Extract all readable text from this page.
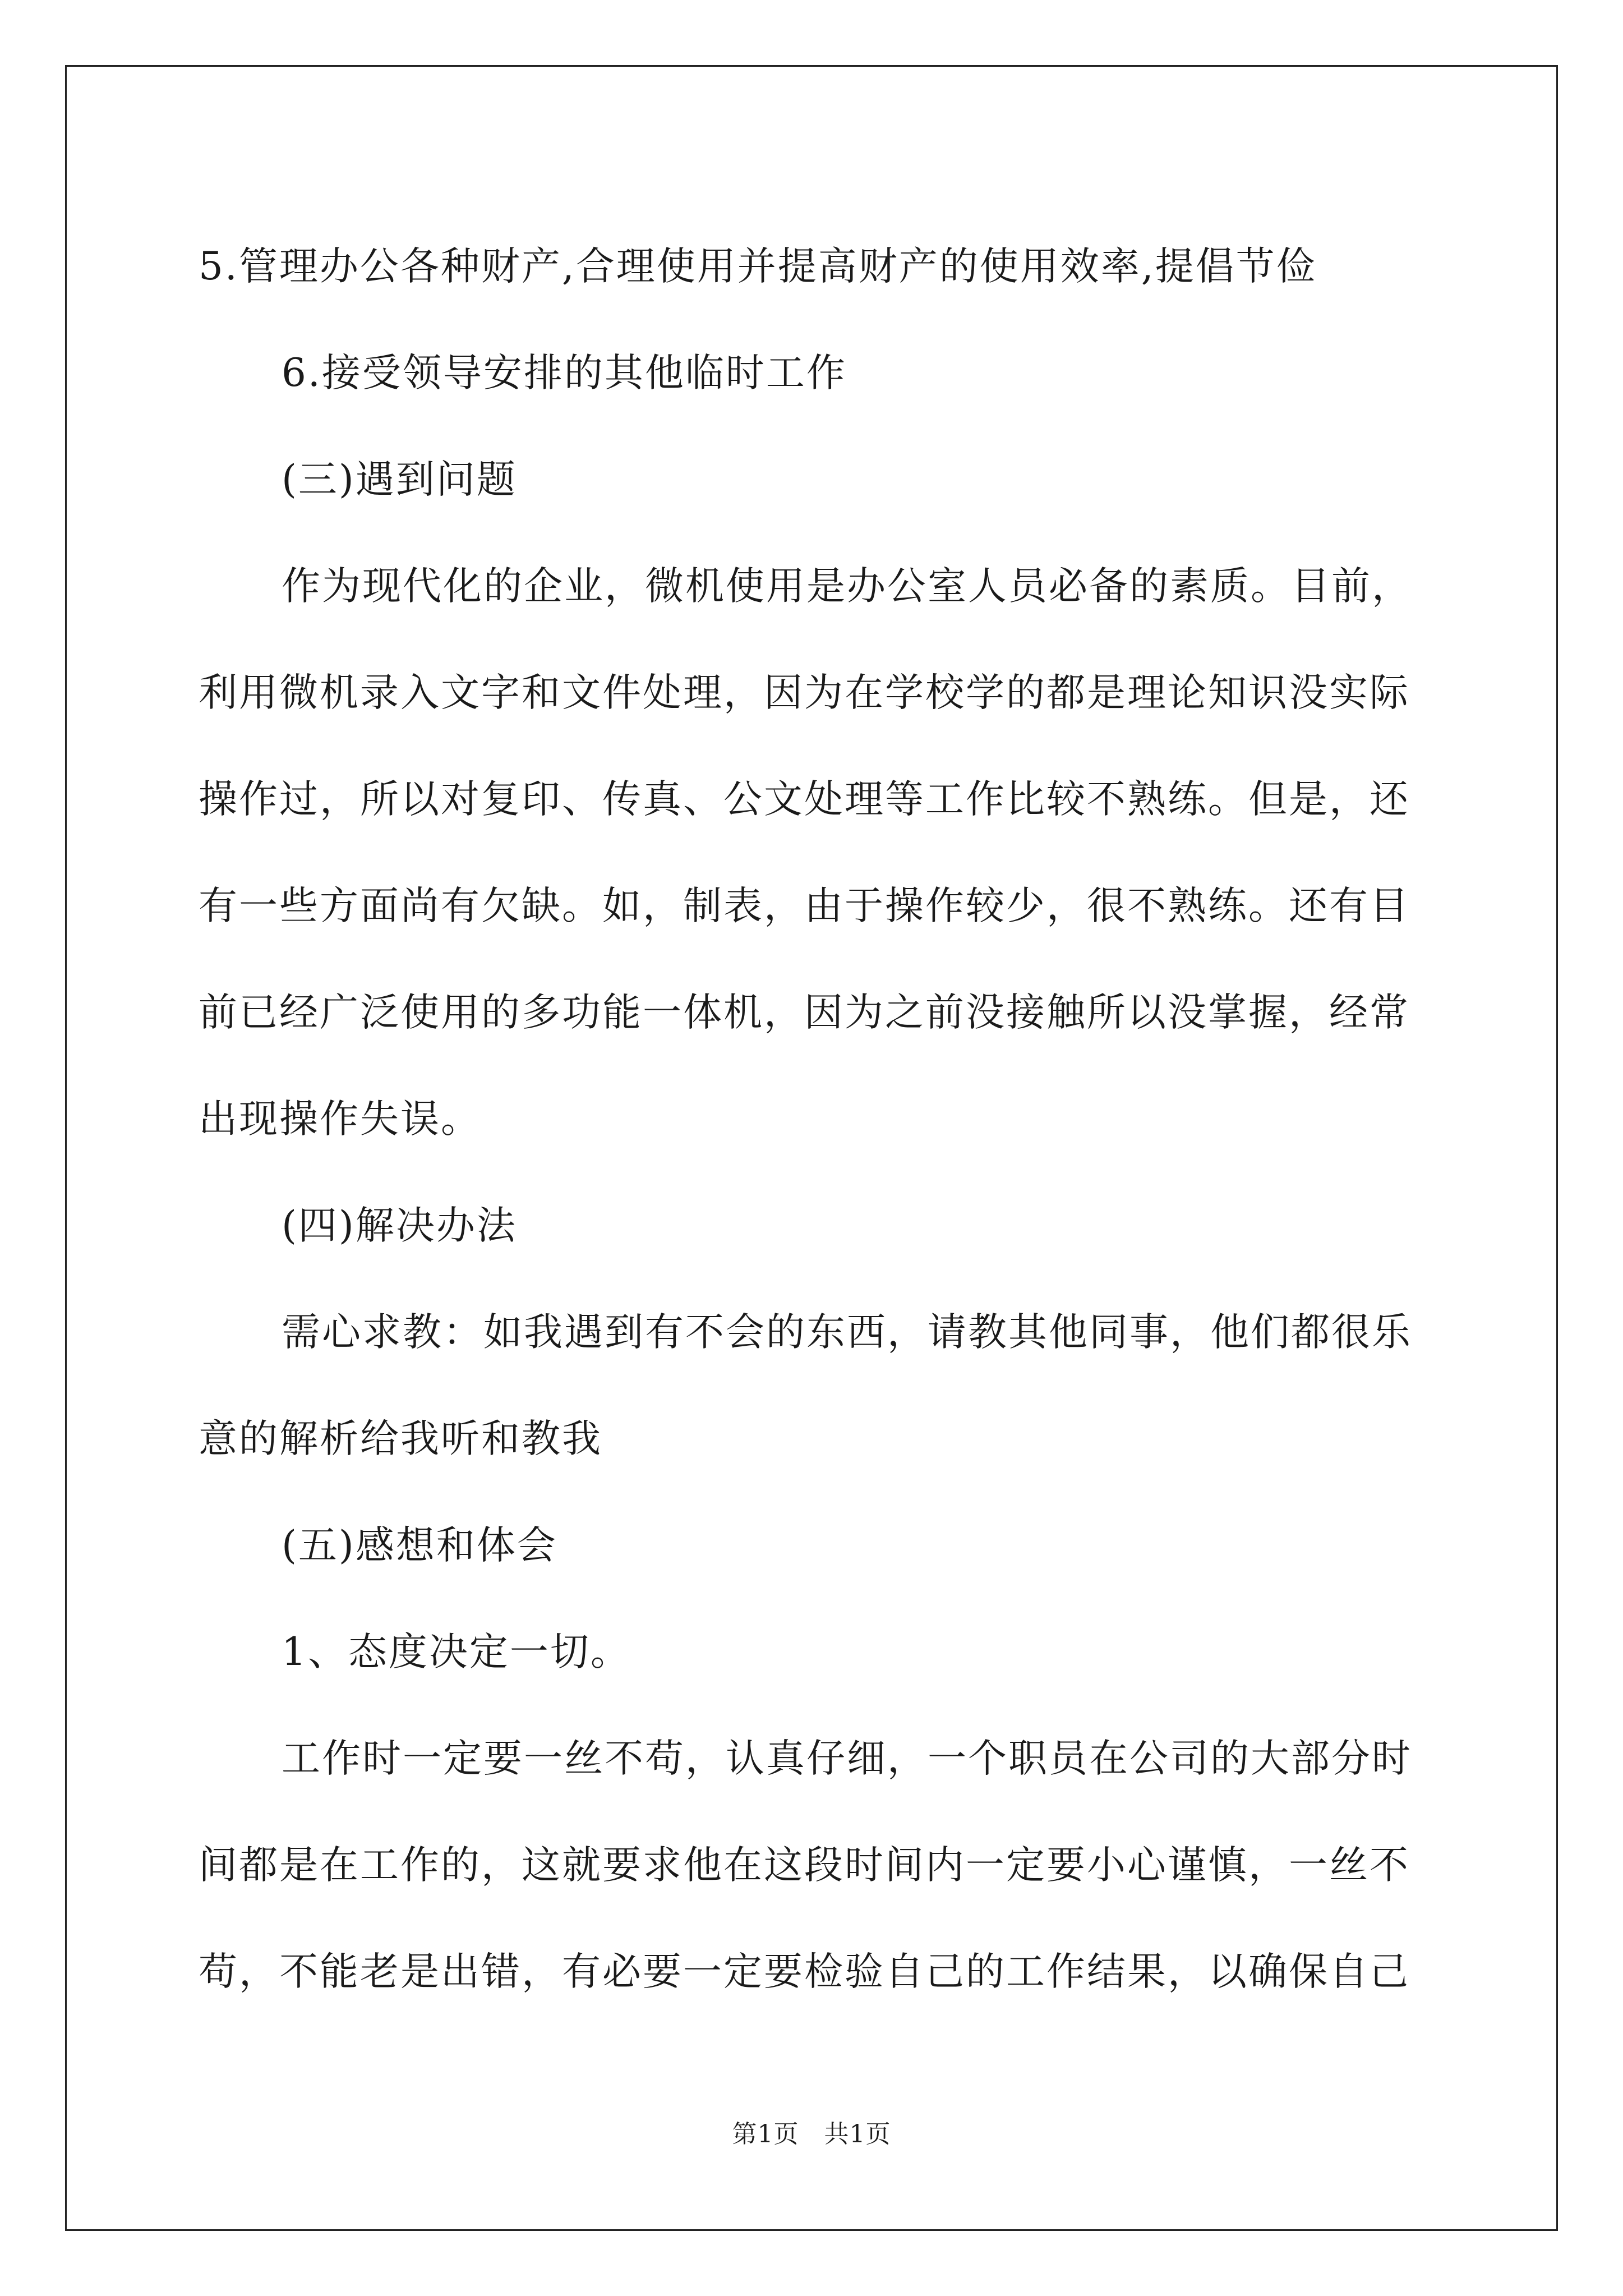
5.管理办公各种财产,合理使用并提高财产的使用效率,提倡节俭
6.接受领导安排的其他临时工作
(三)遇到问题
作为现代化的企业，微机使用是办公室人员必备的素质。目前，
利用微机录入文字和文件处理，因为在学校学的都是理论知识没实际
操作过，所以对复印、传真、公文处理等工作比较不熟练。但是，还
有一些方面尚有欠缺。如，制表，由于操作较少，很不熟练。还有目
前已经广泛使用的多功能一体机，因为之前没接触所以没掌握，经常
出现操作失误。
(四)解决办法
需心求教：如我遇到有不会的东西，请教其他同事，他们都很乐
意的解析给我听和教我
(五)感想和体会
1、态度决定一切。
工作时一定要一丝不苟，认真仔细，一个职员在公司的大部分时
间都是在工作的，这就要求他在这段时间内一定要小心谨慎，一丝不
苟，不能老是出错，有必要一定要检验自己的工作结果，以确保自己
第1页　共1页
